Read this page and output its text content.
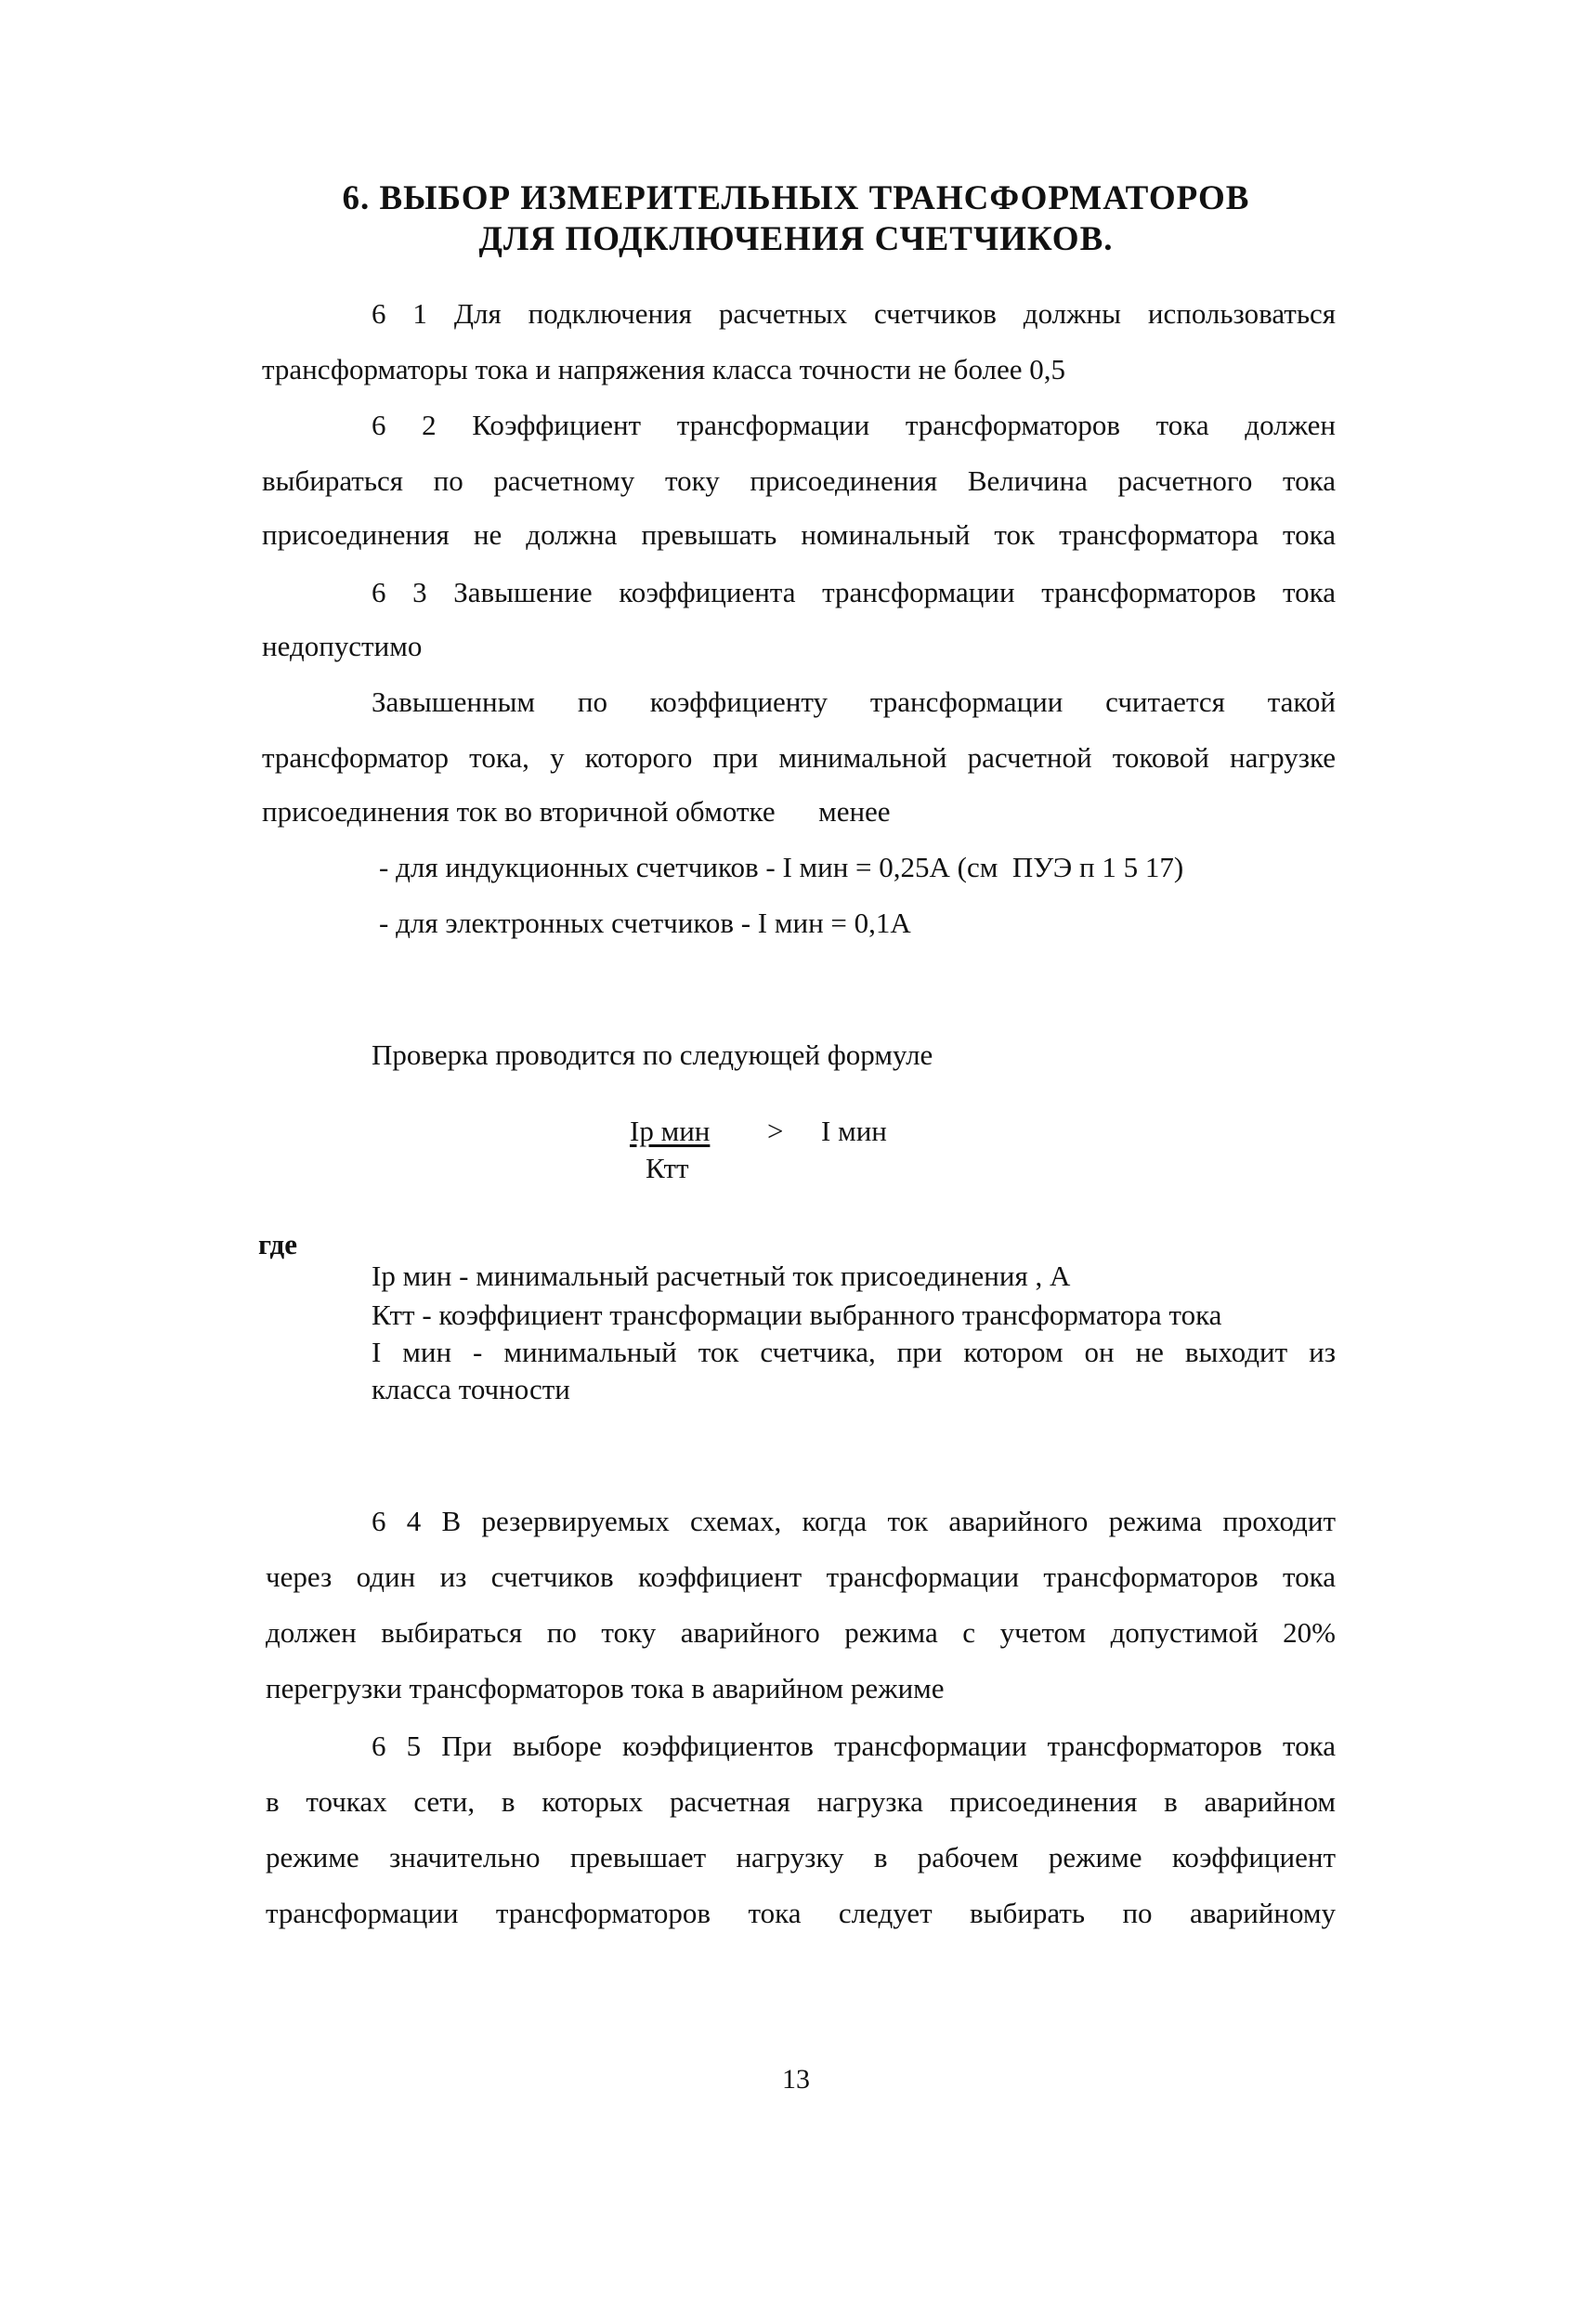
6. ВЫБОР ИЗМЕРИТЕЛЬНЫХ ТРАНСФОРМАТОРОВ
ДЛЯ ПОДКЛЮЧЕНИЯ СЧЕТЧИКОВ.
6 1 Для подключения расчетных счетчиков должны использоваться
трансформаторы тока и напряжения класса точности не более 0,5
6 2 Коэффициент трансформации трансформаторов тока должен
выбираться по расчетному току присоединения Величина расчетного тока
присоединения не должна превышать номинальный ток трансформатора тока
6 3 Завышение коэффициента трансформации трансформаторов тока
недопустимо
Завышенным по коэффициенту трансформации считается такой
трансформатор тока, у которого при минимальной расчетной токовой нагрузке
присоединения ток во вторичной обмотке      менее
- для индукционных счетчиков - I мин = 0,25А (см  ПУЭ п 1 5 17)
- для электронных счетчиков - I мин = 0,1А
Проверка проводится по следующей формуле
Iр мин
Ктт
> I мин
где
Iр мин - минимальный расчетный ток присоединения , А
Ктт - коэффициент трансформации выбранного трансформатора тока
I мин - минимальный ток счетчика, при котором он не выходит из
класса точности
6 4 В резервируемых схемах, когда ток аварийного режима проходит
через один из счетчиков коэффициент трансформации трансформаторов тока
должен выбираться по току аварийного режима с учетом допустимой 20%
перегрузки трансформаторов тока в аварийном режиме
6 5 При выборе коэффициентов трансформации трансформаторов тока
в точках сети, в которых расчетная нагрузка присоединения в аварийном
режиме значительно превышает нагрузку в рабочем режиме коэффициент
трансформации трансформаторов тока следует выбирать по аварийному
13
